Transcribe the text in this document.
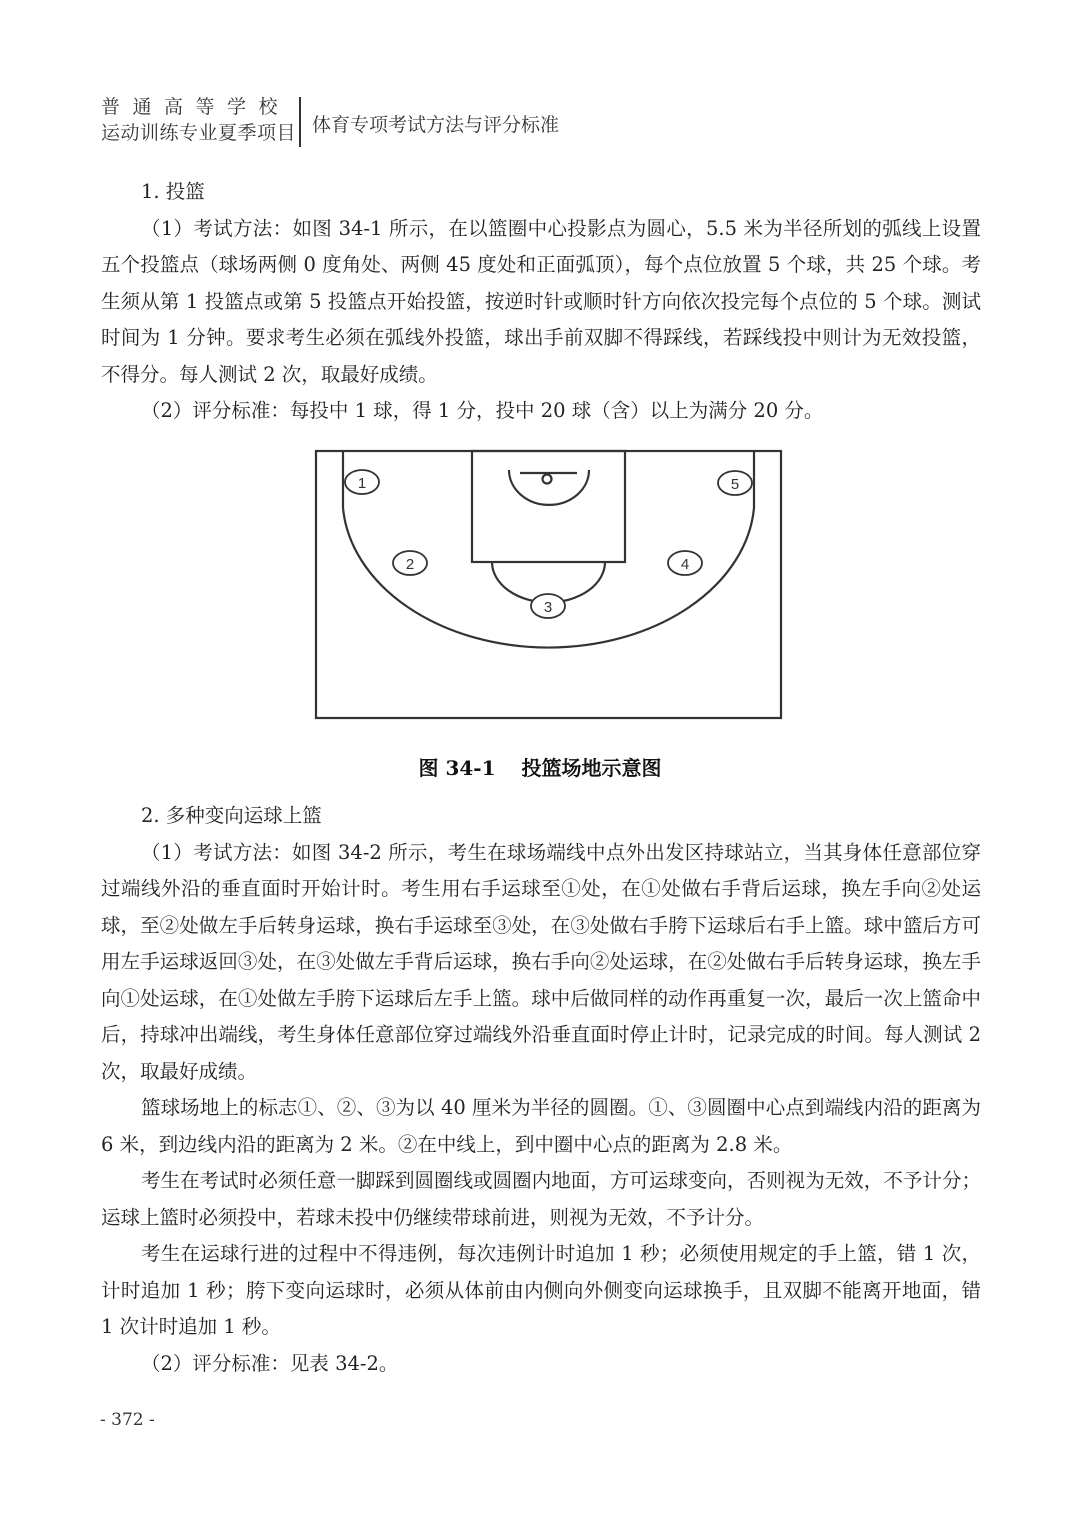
普通高等学校
运动训练专业夏季项目 体育专项考试方法与评分标准

1. 投篮

（1）考试方法：如图 34-1 所示，在以篮圈中心投影点为圆心，5.5 米为半径所划的弧线上设置五个投篮点（球场两侧 0 度角处、两侧 45 度处和正面弧顶），每个点位放置 5 个球，共 25 个球。考生须从第 1 投篮点或第 5 投篮点开始投篮，按逆时针或顺时针方向依次投完每个点位的 5 个球。测试时间为 1 分钟。要求考生必须在弧线外投篮，球出手前双脚不得踩线，若踩线投中则计为无效投篮，不得分。每人测试 2 次，取最好成绩。

（2）评分标准：每投中 1 球，得 1 分，投中 20 球（含）以上为满分 20 分。

1
2
3
4
5
图 34-1 投篮场地示意图

2. 多种变向运球上篮

（1）考试方法：如图 34-2 所示，考生在球场端线中点外出发区持球站立，当其身体任意部位穿过端线外沿的垂直面时开始计时。考生用右手运球至①处，在①处做右手背后运球，换左手向②处运球，至②处做左手后转身运球，换右手运球至③处，在③处做右手胯下运球后右手上篮。球中篮后方可用左手运球返回③处，在③处做左手背后运球，换右手向②处运球，在②处做右手后转身运球，换左手向①处运球，在①处做左手胯下运球后左手上篮。球中后做同样的动作再重复一次，最后一次上篮命中后，持球冲出端线，考生身体任意部位穿过端线外沿垂直面时停止计时，记录完成的时间。每人测试 2 次，取最好成绩。

篮球场地上的标志①、②、③为以 40 厘米为半径的圆圈。①、③圆圈中心点到端线内沿的距离为 6 米，到边线内沿的距离为 2 米。②在中线上，到中圈中心点的距离为 2.8 米。

考生在考试时必须任意一脚踩到圆圈线或圆圈内地面，方可运球变向，否则视为无效，不予计分；运球上篮时必须投中，若球未投中仍继续带球前进，则视为无效，不予计分。

考生在运球行进的过程中不得违例，每次违例计时追加 1 秒；必须使用规定的手上篮，错 1 次，计时追加 1 秒；胯下变向运球时，必须从体前由内侧向外侧变向运球换手，且双脚不能离开地面，错 1 次计时追加 1 秒。

（2）评分标准：见表 34-2。

- 372 -
